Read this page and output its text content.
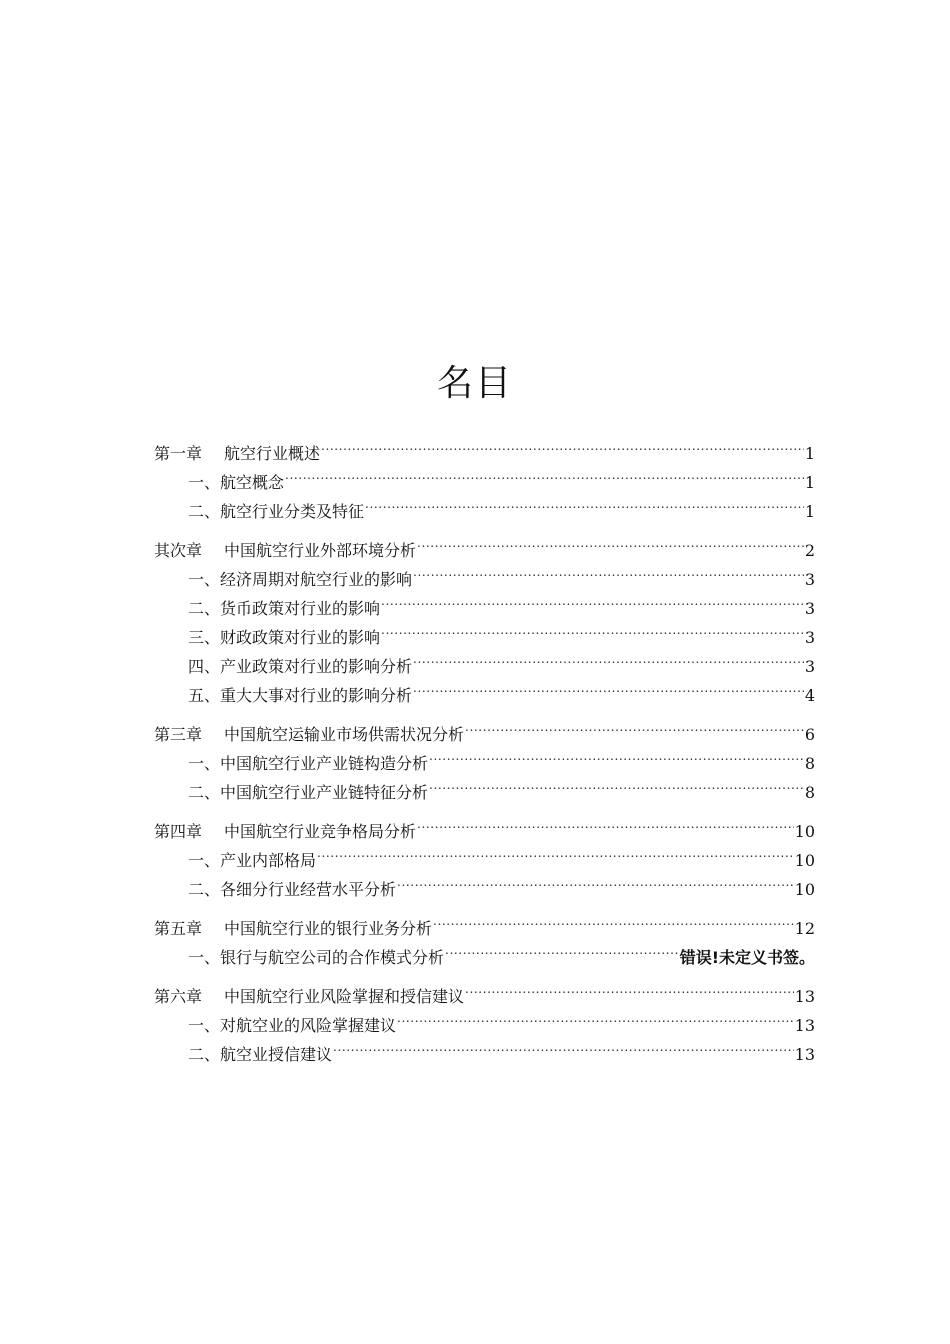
名目
第一章 航空行业概述 .....	1
一、航空概念 .....	1
二、航空行业分类及特征 .....	1
其次章 中国航空行业外部环境分析 .....	2
一、经济周期对航空行业的影响 .....	3
二、货币政策对行业的影响 .....	3
三、财政政策对行业的影响 .....	3
四、产业政策对行业的影响分析 .....	3
五、重大大事对行业的影响分析 .....	4
第三章 中国航空运输业市场供需状况分析 .....	6
一、中国航空行业产业链构造分析 .....	8
二、中国航空行业产业链特征分析 .....	8
第四章 中国航空行业竞争格局分析 .....	10
一、产业内部格局 .....	10
二、各细分行业经营水平分析 .....	10
第五章 中国航空行业的银行业务分析 .....	12
一、银行与航空公司的合作模式分析 .....	错误!未定义书签。
第六章 中国航空行业风险掌握和授信建议 .....	13
一、对航空业的风险掌握建议 .....	13
二、航空业授信建议 .....	13
